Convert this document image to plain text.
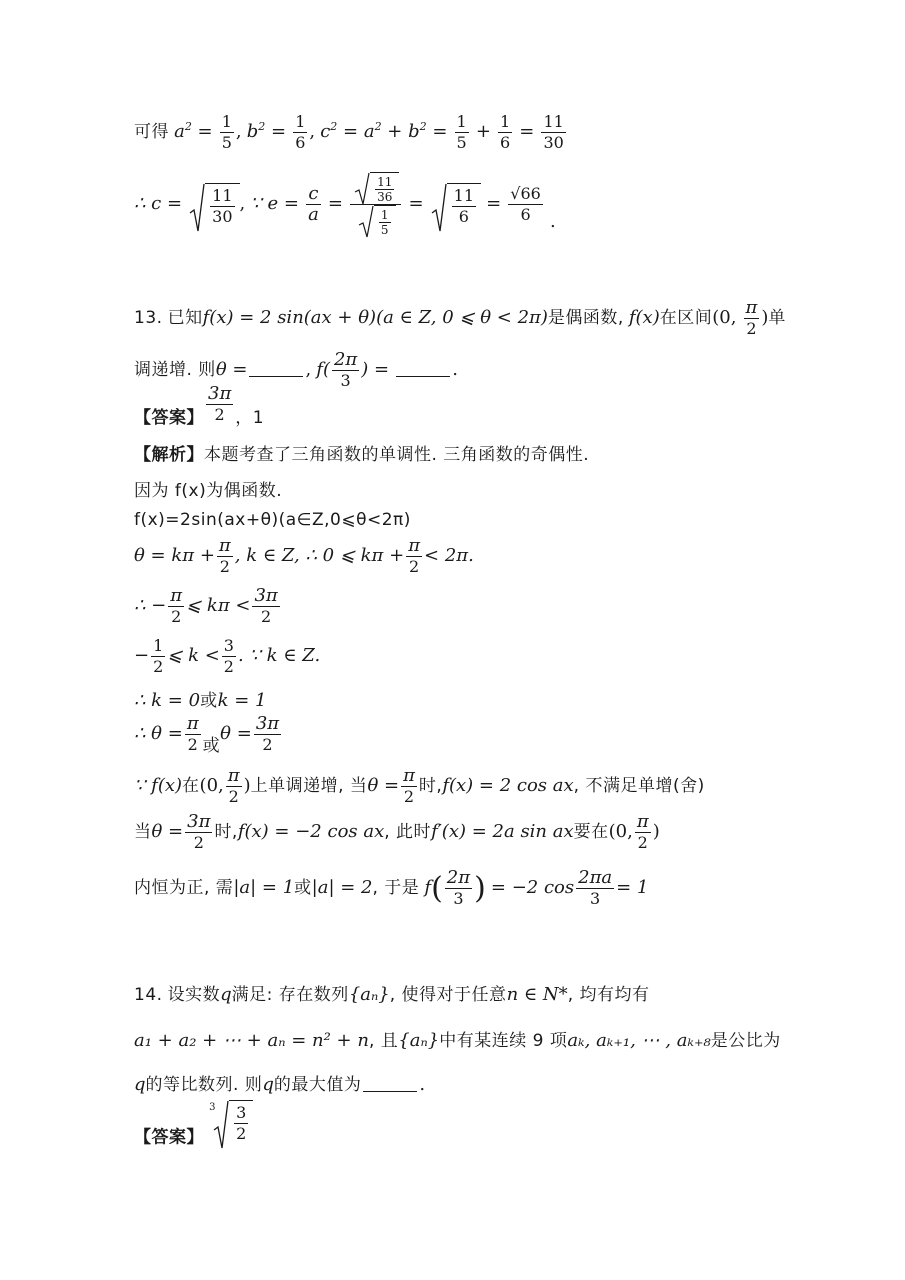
可得 $a^2 = \frac{1}{5}$ , $b^2 = \frac{1}{6}$ , $c^2 = a^2 + b^2 = \frac{1}{5} + \frac{1}{6} = \frac{11}{30}$
∴ $c = \frac{11}{30}$ , ∵ $e = \frac{c}{a} = \frac{\frac{11}{36}}{\frac{1}{5}} = \frac{11}{6} = \frac{√66}{6}$ .
13. 已知f(x) = 2 sin(ax + θ)(a ∈ Z, 0 ⩽ θ < 2π)是偶函数, f(x)在区间(0, $\frac{\pi}{2}$ )单
调递增. 则θ =	, $f( \frac{2\pi}{3}$ ) =	.
【答案】 $\frac{3\pi}{2}$ ，1
【解析】本题考查了三角函数的单调性. 三角函数的奇偶性.
因为 f(x)为偶函数.
f(x)=2sin(ax+θ)(a∈Z,0⩽θ<2π)
$\theta = k\pi + \frac{\pi}{2}$ , k ∈ Z, ∴ 0 ⩽ $k\pi + \frac{\pi}{2} < 2\pi$.
∴ − $\frac{\pi}{2}$ ⩽ $k\pi < \frac{3\pi}{2}$
− $\frac{1}{2}$ ⩽ $k < \frac{3}{2}$ . ∵ k ∈ Z.
∴ k = 0或k = 1
∴ $\theta = \frac{\pi}{2}$ 或$\theta = \frac{3\pi}{2}$
∵ f(x)在(0, $\frac{\pi}{2}$ )上单调递增, 当$\theta = \frac{\pi}{2}$ 时,f(x) = 2 cos ax, 不满足单增(舍)
当$\theta = \frac{3\pi}{2}$ 时,f(x) = −2 cos ax, 此时f′(x) = 2a sin ax要在(0, $\frac{\pi}{2}$ )
内恒为正, 需|a| = 1或|a| = 2, 于是 $f( \frac{2\pi}{3}$ ) = −2 $\cos \frac{2\pi a}{3} = 1$
14. 设实数q满足: 存在数列{aₙ}, 使得对于任意n ∈ N*, 均有均有
a₁ + a₂ + ⋯ + aₙ = n² + n, 且{aₙ}中有某连续 9 项aₖ, aₖ₊₁, ⋯ , aₖ₊₈是公比为
q的等比数列. 则q的最大值为	.
【答案】
$3 \frac{3}{2}$
